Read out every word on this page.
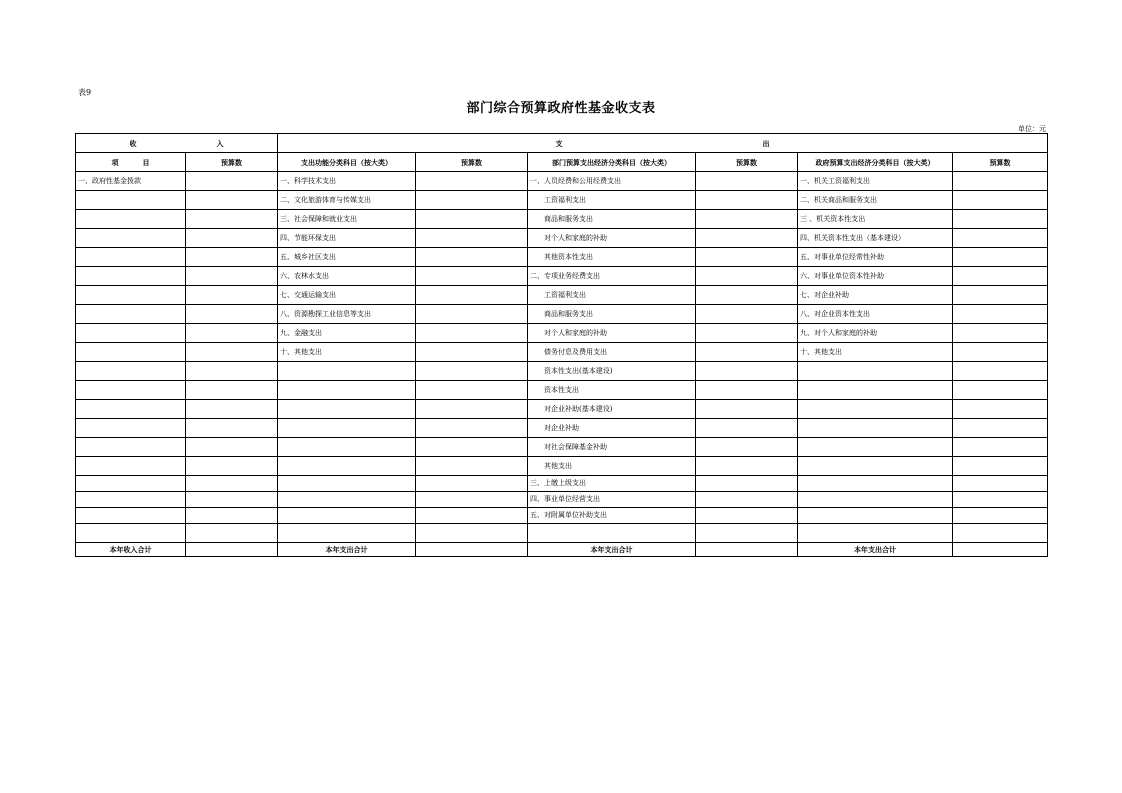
表9
部门综合预算政府性基金收支表
单位：元
收 入		支 出					
项 目	预算数	支出功能分类科目（按大类）	预算数	部门预算支出经济分类科目（按大类）	预算数	政府预算支出经济分类科目（按大类）	预算数
一、政府性基金拨款		一、科学技术支出		一、人员经费和公用经费支出		一、机关工资福利支出	
		二、文化旅游体育与传媒支出		工资福利支出		二、机关商品和服务支出	
		三、社会保障和就业支出		商品和服务支出		三 、机关资本性支出	
		四、节能环保支出		对个人和家庭的补助		四、机关资本性支出（基本建设）	
		五、城乡社区支出		其他资本性支出		五、对事业单位经常性补助	
		六、农林水支出		二、专项业务经费支出		六、对事业单位资本性补助	
		七、交通运输支出		工资福利支出		七、对企业补助	
		八、资源勘探工业信息等支出		商品和服务支出		八、对企业资本性支出	
		九、金融支出		对个人和家庭的补助		九、对个人和家庭的补助	
		十、其他支出		债务付息及费用支出		十、其他支出	
				资本性支出(基本建设)			
				资本性支出			
				对企业补助(基本建设)			
				对企业补助			
				对社会保障基金补助			
				其他支出			
				三、上缴上级支出			
				四、事业单位经营支出			
				五、对附属单位补助支出			

本年收入合计		本年支出合计		本年支出合计		本年支出合计	
